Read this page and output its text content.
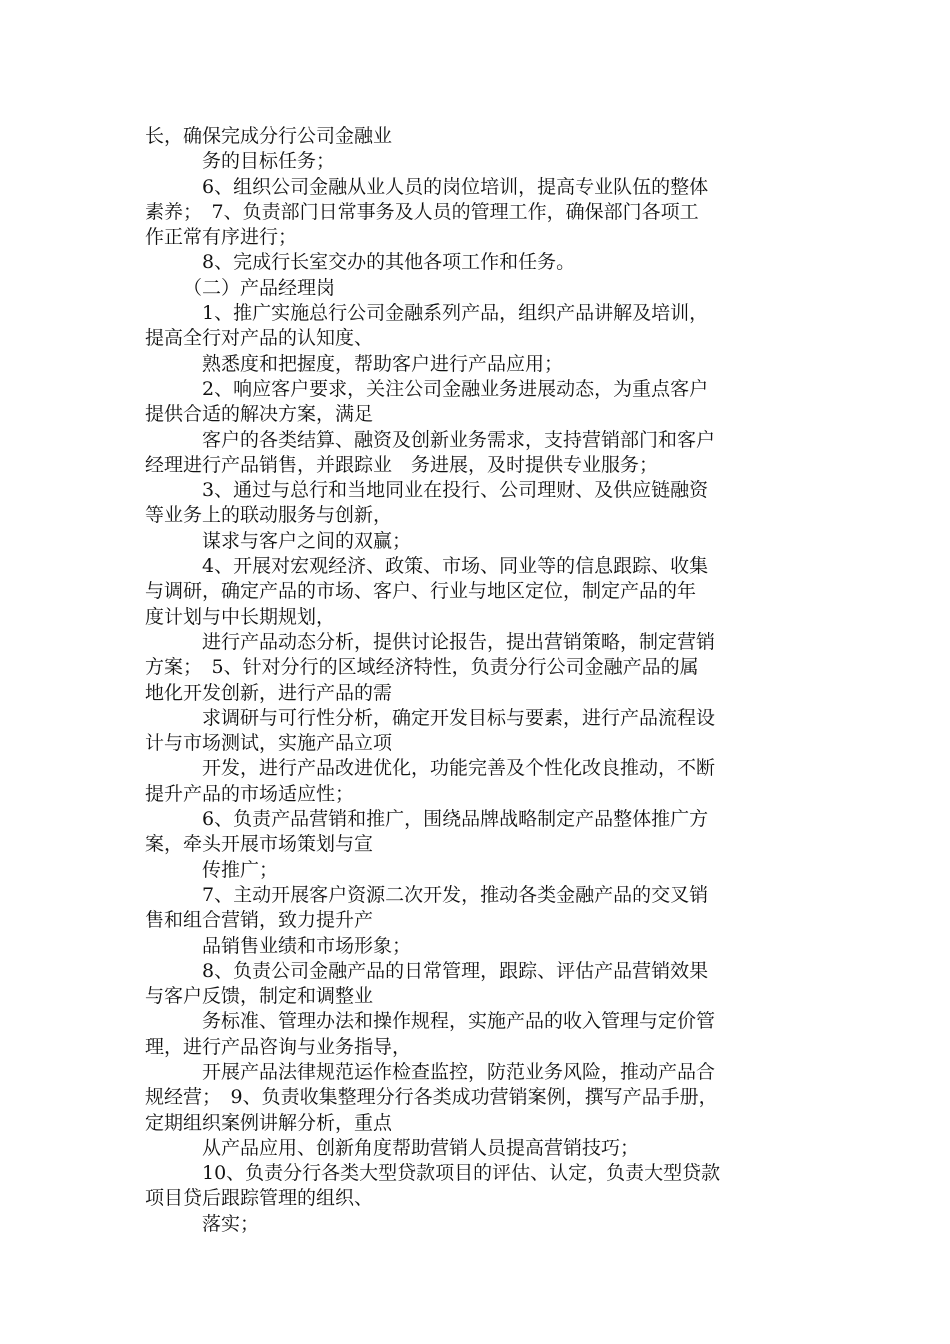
长，确保完成分行公司金融业
务的目标任务；
6、组织公司金融从业人员的岗位培训，提高专业队伍的整体
素养；　7、负责部门日常事务及人员的管理工作，确保部门各项工
作正常有序进行；
8、完成行长室交办的其他各项工作和任务。
（二）产品经理岗
1、推广实施总行公司金融系列产品，组织产品讲解及培训，
提高全行对产品的认知度、
熟悉度和把握度，帮助客户进行产品应用；
2、响应客户要求，关注公司金融业务进展动态，为重点客户
提供合适的解决方案，满足
客户的各类结算、融资及创新业务需求，支持营销部门和客户
经理进行产品销售，并跟踪业　务进展，及时提供专业服务；
3、通过与总行和当地同业在投行、公司理财、及供应链融资
等业务上的联动服务与创新，
谋求与客户之间的双赢；
4、开展对宏观经济、政策、市场、同业等的信息跟踪、收集
与调研，确定产品的市场、客户、行业与地区定位，制定产品的年
度计划与中长期规划，
进行产品动态分析，提供讨论报告，提出营销策略，制定营销
方案；　5、针对分行的区域经济特性，负责分行公司金融产品的属
地化开发创新，进行产品的需
求调研与可行性分析，确定开发目标与要素，进行产品流程设
计与市场测试，实施产品立项
开发，进行产品改进优化，功能完善及个性化改良推动，不断
提升产品的市场适应性；
6、负责产品营销和推广，围绕品牌战略制定产品整体推广方
案，牵头开展市场策划与宣
传推广；
7、主动开展客户资源二次开发，推动各类金融产品的交叉销
售和组合营销，致力提升产
品销售业绩和市场形象；
8、负责公司金融产品的日常管理，跟踪、评估产品营销效果
与客户反馈，制定和调整业
务标准、管理办法和操作规程，实施产品的收入管理与定价管
理，进行产品咨询与业务指导，
开展产品法律规范运作检查监控，防范业务风险，推动产品合
规经营；　9、负责收集整理分行各类成功营销案例，撰写产品手册，
定期组织案例讲解分析，重点
从产品应用、创新角度帮助营销人员提高营销技巧；
10、负责分行各类大型贷款项目的评估、认定，负责大型贷款
项目贷后跟踪管理的组织、
落实；
